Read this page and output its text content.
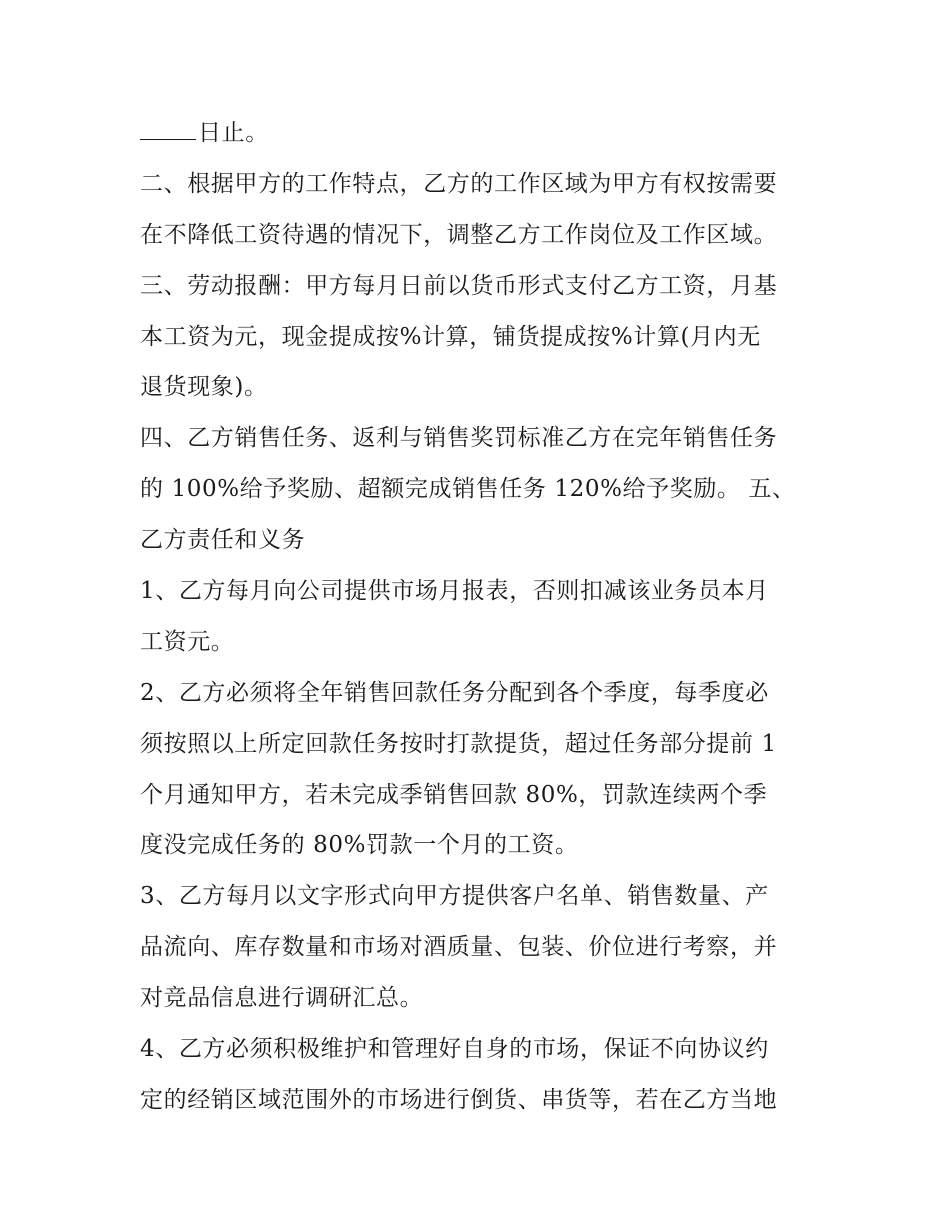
日止。
二、根据甲方的工作特点，乙方的工作区域为甲方有权按需要
在不降低工资待遇的情况下，调整乙方工作岗位及工作区域。
三、劳动报酬：甲方每月日前以货币形式支付乙方工资，月基
本工资为元，现金提成按%计算，铺货提成按%计算(月内无
退货现象)。
四、乙方销售任务、返利与销售奖罚标准乙方在完年销售任务
的 100%给予奖励、超额完成销售任务 120%给予奖励。 五、
乙方责任和义务
1、乙方每月向公司提供市场月报表，否则扣减该业务员本月
工资元。
2、乙方必须将全年销售回款任务分配到各个季度，每季度必
须按照以上所定回款任务按时打款提货，超过任务部分提前 1
个月通知甲方，若未完成季销售回款 80%，罚款连续两个季
度没完成任务的 80%罚款一个月的工资。
3、乙方每月以文字形式向甲方提供客户名单、销售数量、产
品流向、库存数量和市场对酒质量、包装、价位进行考察，并
对竞品信息进行调研汇总。
4、乙方必须积极维护和管理好自身的市场，保证不向协议约
定的经销区域范围外的市场进行倒货、串货等，若在乙方当地
